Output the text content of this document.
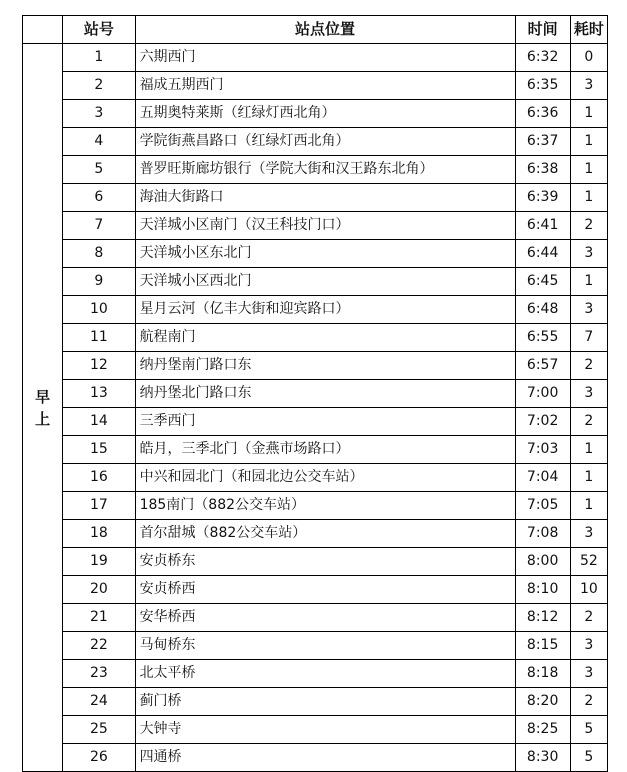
	站号	站点位置	时间	耗时

早
上	1	六期西门	6:32	0
	2	福成五期西门	6:35	3
	3	五期奥特莱斯（红绿灯西北角）	6:36	1
	4	学院街燕昌路口（红绿灯西北角）	6:37	1
	5	普罗旺斯廊坊银行（学院大街和汉王路东北角）	6:38	1
	6	海油大街路口	6:39	1
	7	天洋城小区南门（汉王科技门口）	6:41	2
	8	天洋城小区东北门	6:44	3
	9	天洋城小区西北门	6:45	1
	10	星月云河（亿丰大街和迎宾路口）	6:48	3
	11	航程南门	6:55	7
	12	纳丹堡南门路口东	6:57	2
	13	纳丹堡北门路口东	7:00	3
	14	三季西门	7:02	2
	15	皓月，三季北门（金燕市场路口）	7:03	1
	16	中兴和园北门（和园北边公交车站）	7:04	1
	17	185南门（882公交车站）	7:05	1
	18	首尔甜城（882公交车站）	7:08	3
	19	安贞桥东	8:00	52
	20	安贞桥西	8:10	10
	21	安华桥西	8:12	2
	22	马甸桥东	8:15	3
	23	北太平桥	8:18	3
	24	蓟门桥	8:20	2
	25	大钟寺	8:25	5
	26	四通桥	8:30	5
